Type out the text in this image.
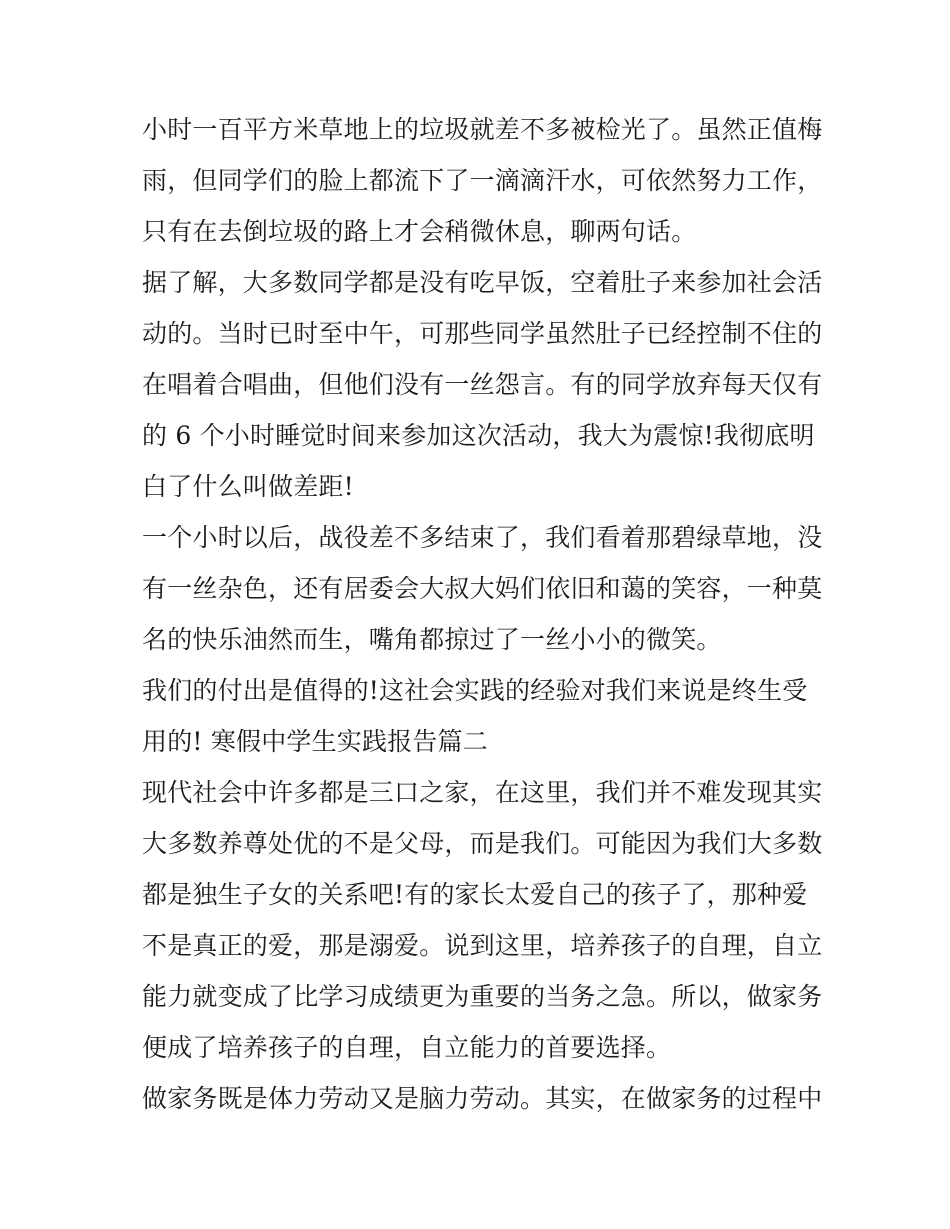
小时一百平方米草地上的垃圾就差不多被检光了。虽然正值梅
雨，但同学们的脸上都流下了一滴滴汗水，可依然努力工作，
只有在去倒垃圾的路上才会稍微休息，聊两句话。
据了解，大多数同学都是没有吃早饭，空着肚子来参加社会活
动的。当时已时至中午，可那些同学虽然肚子已经控制不住的
在唱着合唱曲，但他们没有一丝怨言。有的同学放弃每天仅有
的 6 个小时睡觉时间来参加这次活动，我大为震惊!我彻底明
白了什么叫做差距!
一个小时以后，战役差不多结束了，我们看着那碧绿草地，没
有一丝杂色，还有居委会大叔大妈们依旧和蔼的笑容，一种莫
名的快乐油然而生，嘴角都掠过了一丝小小的微笑。
我们的付出是值得的!这社会实践的经验对我们来说是终生受
用的! 寒假中学生实践报告篇二
现代社会中许多都是三口之家，在这里，我们并不难发现其实
大多数养尊处优的不是父母，而是我们。可能因为我们大多数
都是独生子女的关系吧!有的家长太爱自己的孩子了，那种爱
不是真正的爱，那是溺爱。说到这里，培养孩子的自理，自立
能力就变成了比学习成绩更为重要的当务之急。所以，做家务
便成了培养孩子的自理，自立能力的首要选择。
做家务既是体力劳动又是脑力劳动。其实，在做家务的过程中
